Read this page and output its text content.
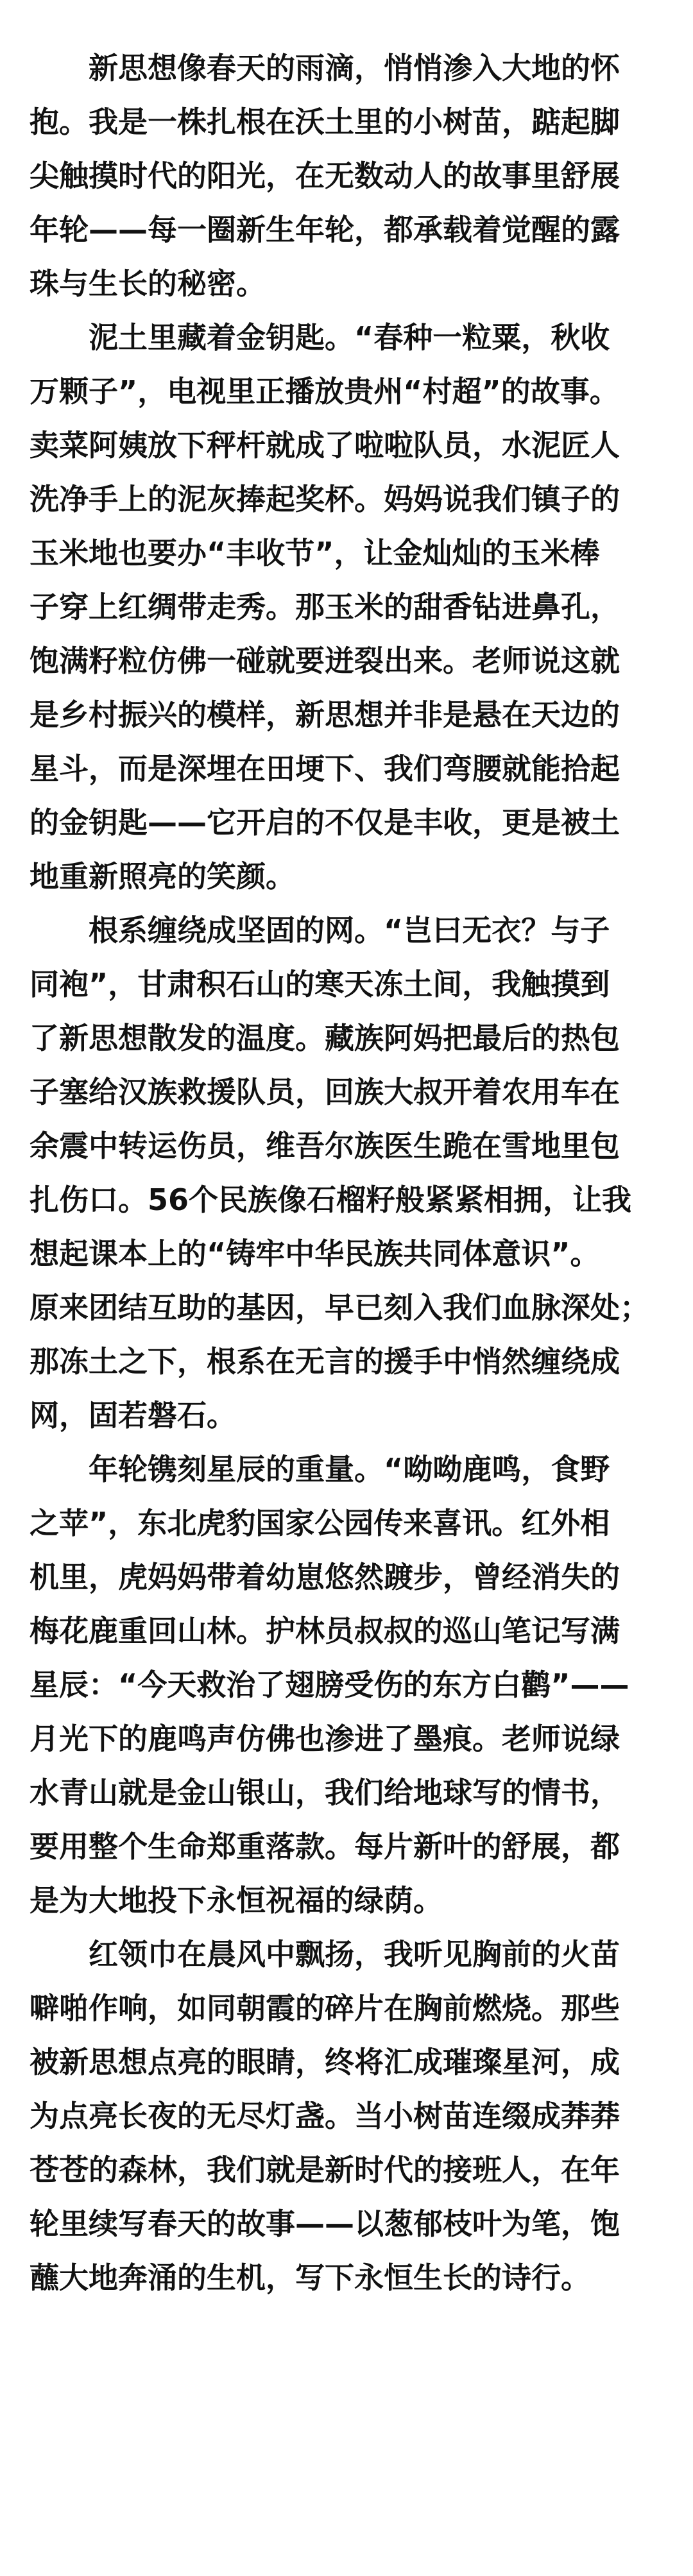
　　新思想像春天的雨滴，悄悄渗入大地的怀
抱。我是一株扎根在沃土里的小树苗，踮起脚
尖触摸时代的阳光，在无数动人的故事里舒展
年轮——每一圈新生年轮，都承载着觉醒的露
珠与生长的秘密。
　　泥土里藏着金钥匙。“春种一粒粟，秋收
万颗子”，电视里正播放贵州“村超”的故事。
卖菜阿姨放下秤杆就成了啦啦队员，水泥匠人
洗净手上的泥灰捧起奖杯。妈妈说我们镇子的
玉米地也要办“丰收节”，让金灿灿的玉米棒
子穿上红绸带走秀。那玉米的甜香钻进鼻孔，
饱满籽粒仿佛一碰就要迸裂出来。老师说这就
是乡村振兴的模样，新思想并非是悬在天边的
星斗，而是深埋在田埂下、我们弯腰就能拾起
的金钥匙——它开启的不仅是丰收，更是被土
地重新照亮的笑颜。
　　根系缠绕成坚固的网。“岂曰无衣？与子
同袍”，甘肃积石山的寒天冻土间，我触摸到
了新思想散发的温度。藏族阿妈把最后的热包
子塞给汉族救援队员，回族大叔开着农用车在
余震中转运伤员，维吾尔族医生跪在雪地里包
扎伤口。56个民族像石榴籽般紧紧相拥，让我
想起课本上的“铸牢中华民族共同体意识”。
原来团结互助的基因，早已刻入我们血脉深处；
那冻土之下，根系在无言的援手中悄然缠绕成
网，固若磐石。
　　年轮镌刻星辰的重量。“呦呦鹿鸣，食野
之苹”，东北虎豹国家公园传来喜讯。红外相
机里，虎妈妈带着幼崽悠然踱步，曾经消失的
梅花鹿重回山林。护林员叔叔的巡山笔记写满
星辰：“今天救治了翅膀受伤的东方白鹳”——
月光下的鹿鸣声仿佛也渗进了墨痕。老师说绿
水青山就是金山银山，我们给地球写的情书，
要用整个生命郑重落款。每片新叶的舒展，都
是为大地投下永恒祝福的绿荫。
　　红领巾在晨风中飘扬，我听见胸前的火苗
噼啪作响，如同朝霞的碎片在胸前燃烧。那些
被新思想点亮的眼睛，终将汇成璀璨星河，成
为点亮长夜的无尽灯盏。当小树苗连缀成莽莽
苍苍的森林，我们就是新时代的接班人，在年
轮里续写春天的故事——以葱郁枝叶为笔，饱
蘸大地奔涌的生机，写下永恒生长的诗行。
